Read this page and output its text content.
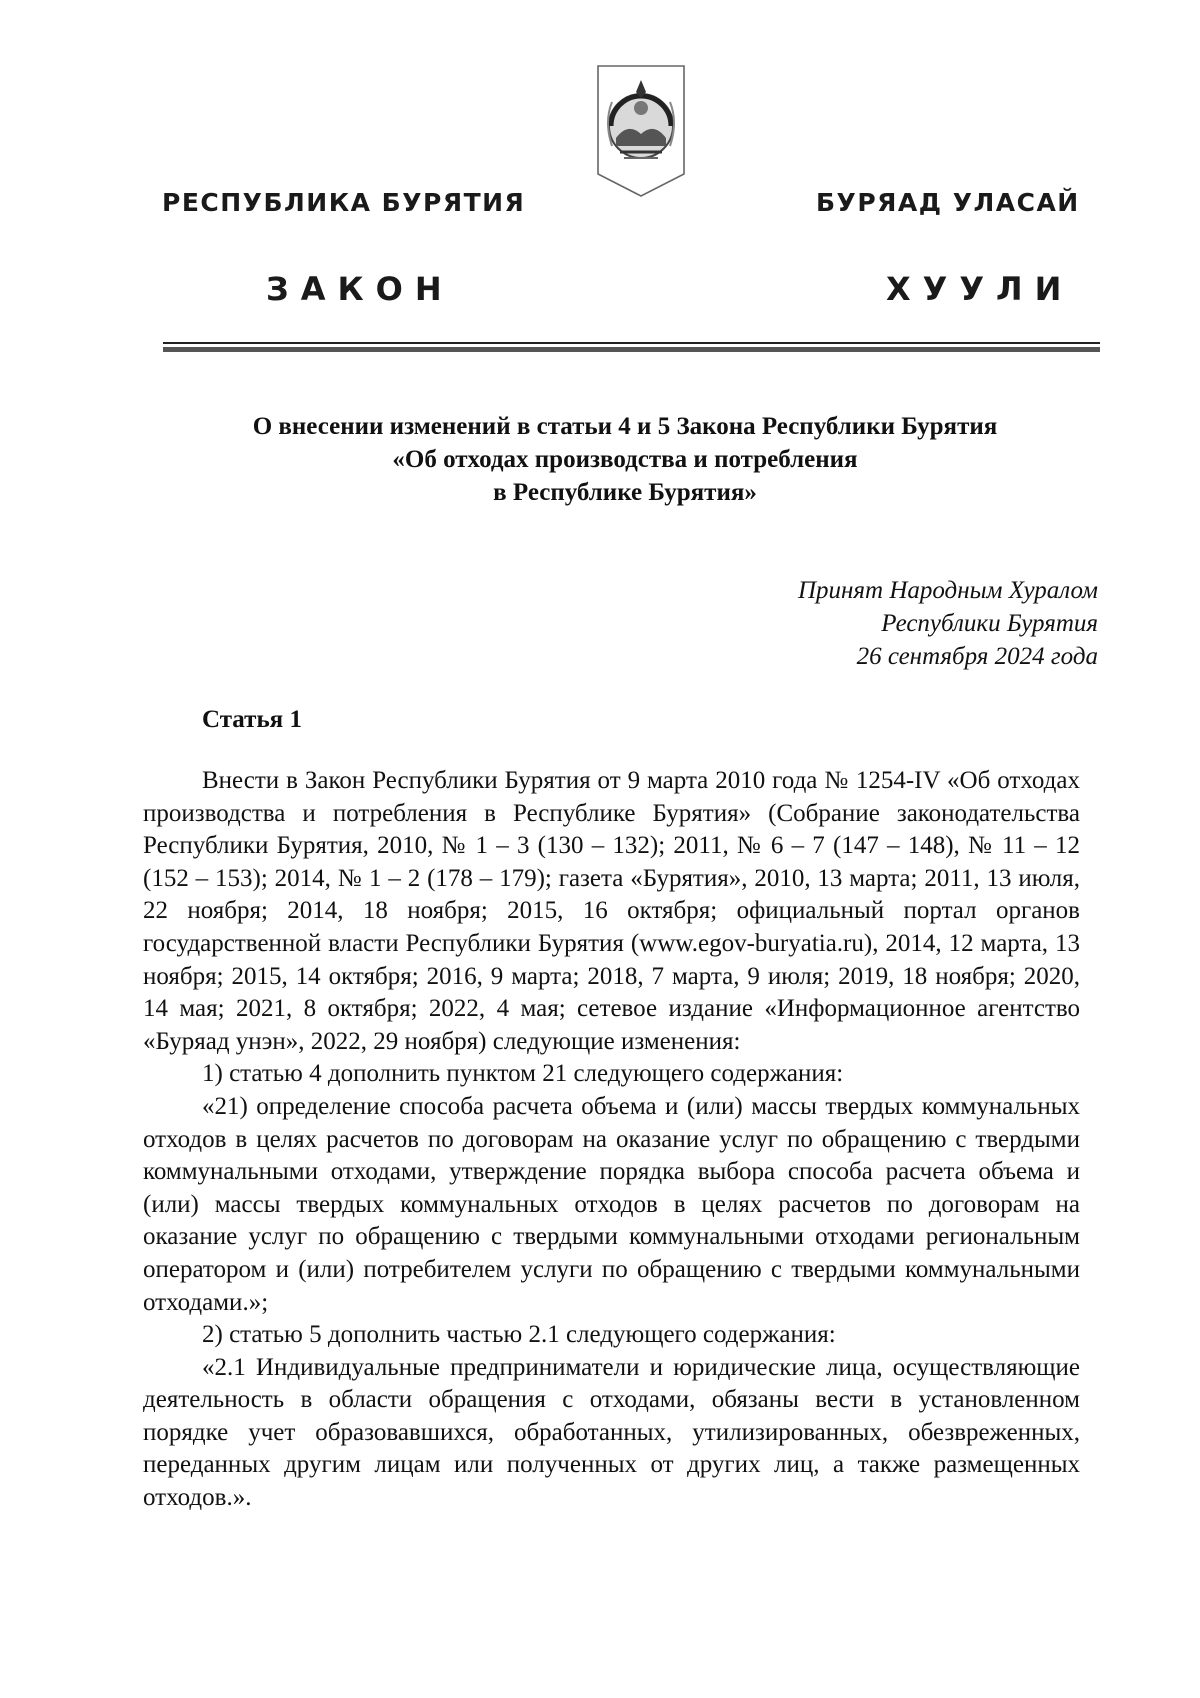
РЕСПУБЛИКА БУРЯТИЯ	БУРЯАД УЛАСАЙ
ЗАКОН	ХУУЛИ
О внесении изменений в статьи 4 и 5 Закона Республики Бурятия
«Об отходах производства и потребления
в Республике Бурятия»
Принят Народным Хуралом
Республики Бурятия
26 сентября 2024 года
Статья 1

Внести в Закон Республики Бурятия от 9 марта 2010 года № 1254-IV «Об отходах производства и потребления в Республике Бурятия» (Собрание законодательства Республики Бурятия, 2010, № 1 – 3 (130 – 132); 2011, № 6 – 7 (147 – 148), № 11 – 12 (152 – 153); 2014, № 1 – 2 (178 – 179); газета «Бурятия», 2010, 13 марта; 2011, 13 июля, 22 ноября; 2014, 18 ноября; 2015, 16 октября; официальный портал органов государственной власти Республики Бурятия (www.egov-buryatia.ru), 2014, 12 марта, 13 ноября; 2015, 14 октября; 2016, 9 марта; 2018, 7 марта, 9 июля; 2019, 18 ноября; 2020, 14 мая; 2021, 8 октября; 2022, 4 мая; сетевое издание «Информационное агентство «Буряад унэн», 2022, 29 ноября) следующие изменения:

1) статью 4 дополнить пунктом 21 следующего содержания:

«21) определение способа расчета объема и (или) массы твердых коммунальных отходов в целях расчетов по договорам на оказание услуг по обращению с твердыми коммунальными отходами, утверждение порядка выбора способа расчета объема и (или) массы твердых коммунальных отходов в целях расчетов по договорам на оказание услуг по обращению с твердыми коммунальными отходами региональным оператором и (или) потребителем услуги по обращению с твердыми коммунальными отходами.»;

2) статью 5 дополнить частью 2.1 следующего содержания:

«2.1 Индивидуальные предприниматели и юридические лица, осуществляющие деятельность в области обращения с отходами, обязаны вести в установленном порядке учет образовавшихся, обработанных, утилизированных, обезвреженных, переданных другим лицам или полученных от других лиц, а также размещенных отходов.».
